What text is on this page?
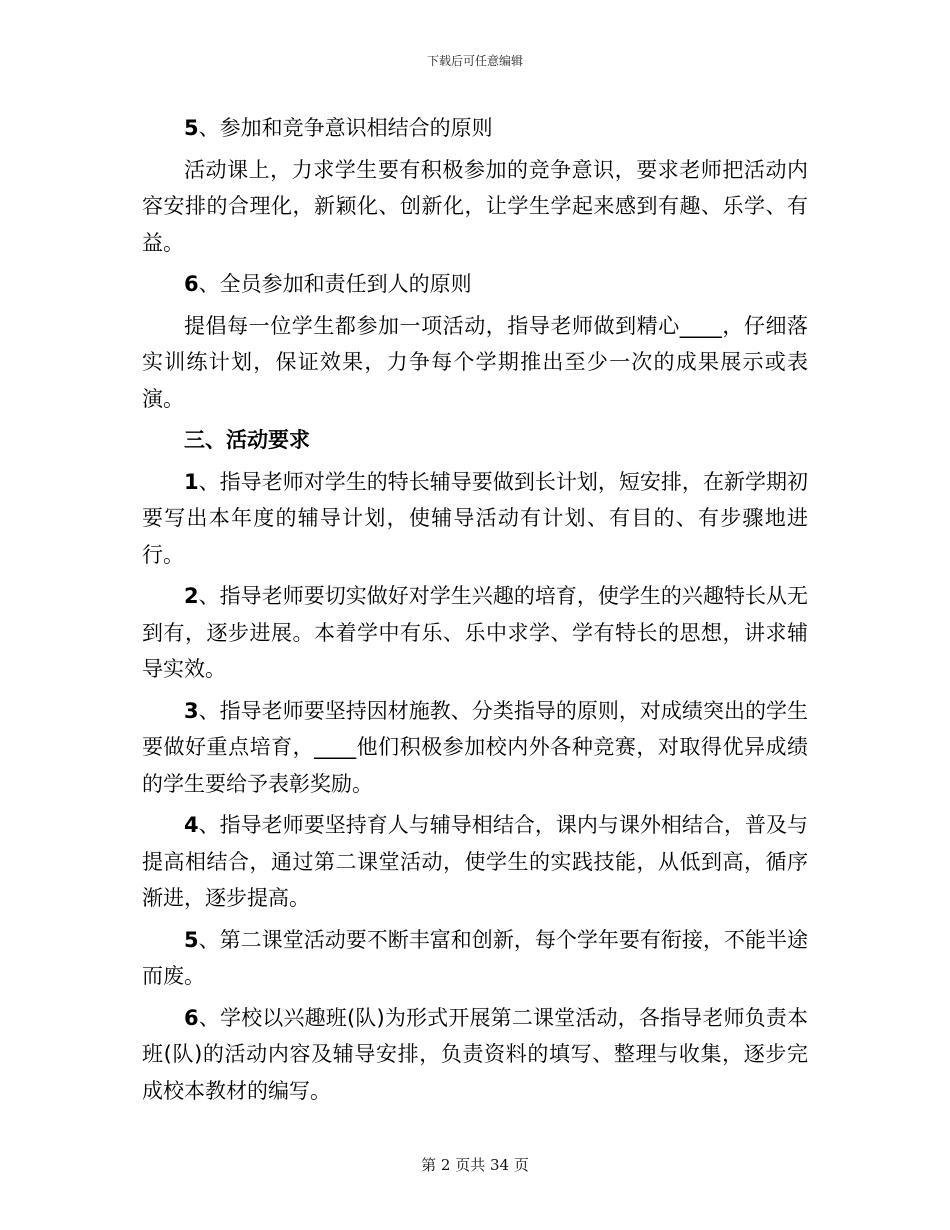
下载后可任意编辑

5、参加和竞争意识相结合的原则

活动课上，力求学生要有积极参加的竞争意识，要求老师把活动内容安排的合理化，新颖化、创新化，让学生学起来感到有趣、乐学、有益。

6、全员参加和责任到人的原则

提倡每一位学生都参加一项活动，指导老师做到精心____，仔细落实训练计划，保证效果，力争每个学期推出至少一次的成果展示或表演。

三、活动要求

1、指导老师对学生的特长辅导要做到长计划，短安排，在新学期初要写出本年度的辅导计划，使辅导活动有计划、有目的、有步骤地进行。

2、指导老师要切实做好对学生兴趣的培育，使学生的兴趣特长从无到有，逐步进展。本着学中有乐、乐中求学、学有特长的思想，讲求辅导实效。

3、指导老师要坚持因材施教、分类指导的原则，对成绩突出的学生要做好重点培育，____他们积极参加校内外各种竞赛，对取得优异成绩的学生要给予表彰奖励。

4、指导老师要坚持育人与辅导相结合，课内与课外相结合，普及与提高相结合，通过第二课堂活动，使学生的实践技能，从低到高，循序渐进，逐步提高。

5、第二课堂活动要不断丰富和创新，每个学年要有衔接，不能半途而废。

6、学校以兴趣班(队)为形式开展第二课堂活动，各指导老师负责本班(队)的活动内容及辅导安排，负责资料的填写、整理与收集，逐步完成校本教材的编写。

第 2 页共 34 页
